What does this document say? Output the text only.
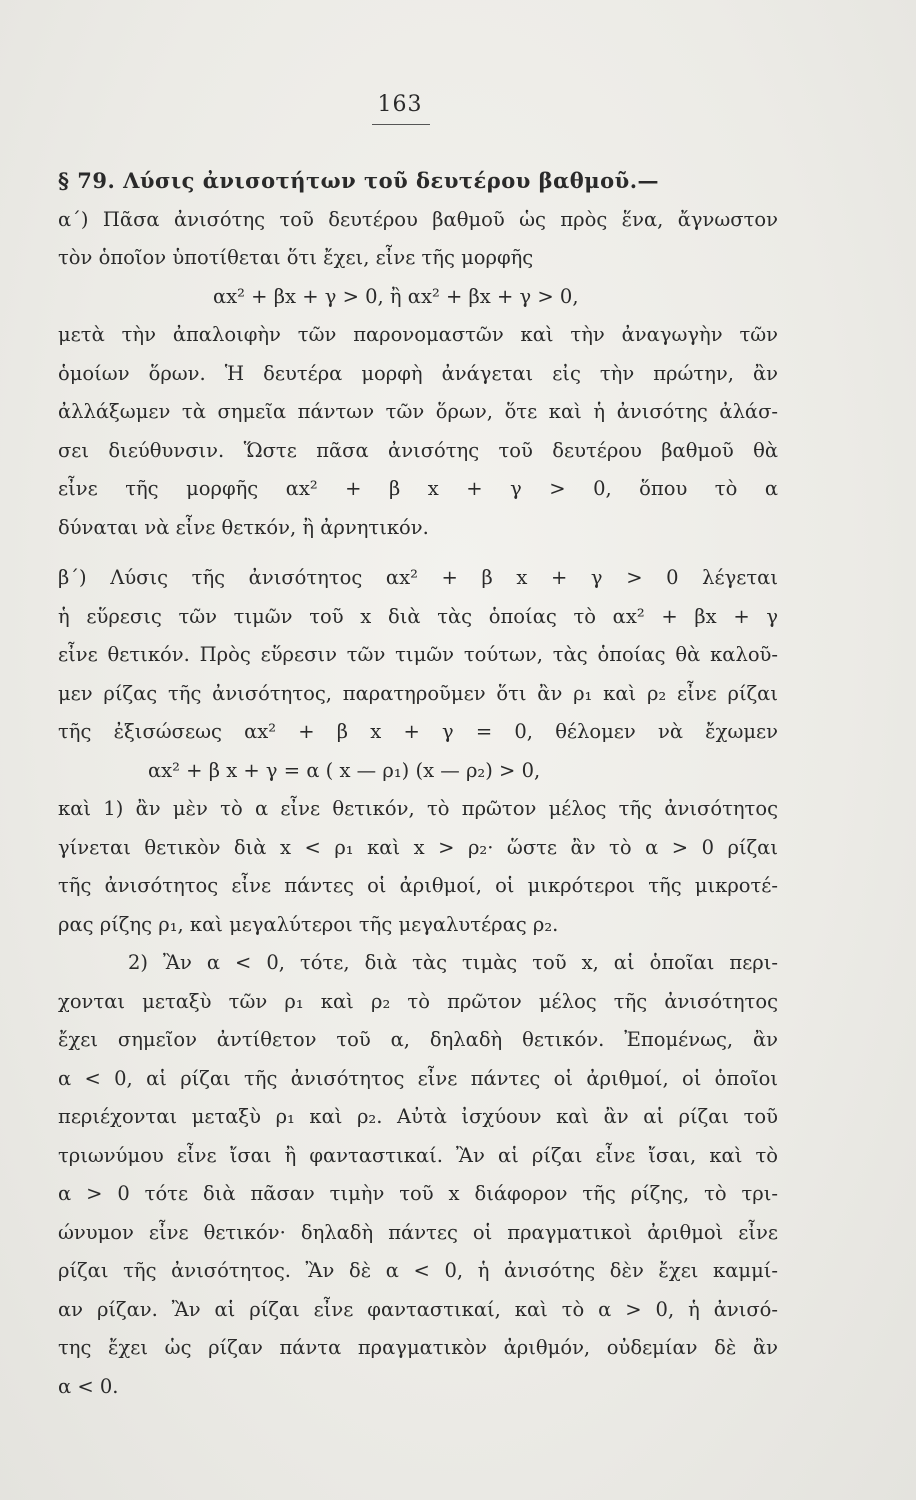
163
§ 79. Λύσις ἀνισοτήτων τοῦ δευτέρου βαθμοῦ.—
α΄) Πᾶσα ἀνισότης τοῦ δευτέρου βαθμοῦ ὡς πρὸς ἕνα, ἄγνωστον
τὸν ὁποῖον ὑποτίθεται ὅτι ἔχει, εἶνε τῆς μορφῆς
αx² + βx + γ > 0, ἢ αx² + βx + γ > 0,
μετὰ τὴν ἀπαλοιφὴν τῶν παρονομαστῶν καὶ τὴν ἀναγωγὴν τῶν
ὁμοίων ὅρων. Ἡ δευτέρα μορφὴ ἀνάγεται εἰς τὴν πρώτην, ἂν
ἀλλάξωμεν τὰ σημεῖα πάντων τῶν ὅρων, ὅτε καὶ ἡ ἀνισότης ἀλάσ-
σει διεύθυνσιν. Ὥστε πᾶσα ἀνισότης τοῦ δευτέρου βαθμοῦ θὰ
εἶνε τῆς μορφῆς αx² + β x + γ > 0, ὅπου τὸ α
δύναται νὰ εἶνε θετκόν, ἢ ἀρνητικόν.
β΄) Λύσις τῆς ἀνισότητος αx² + β x + γ > 0 λέγεται
ἡ εὕρεσις τῶν τιμῶν τοῦ x διὰ τὰς ὁποίας τὸ αx² + βx + γ
εἶνε θετικόν. Πρὸς εὕρεσιν τῶν τιμῶν τούτων, τὰς ὁποίας θὰ καλοῦ-
μεν ρίζας τῆς ἀνισότητος, παρατηροῦμεν ὅτι ἂν ρ₁ καὶ ρ₂ εἶνε ρίζαι
τῆς ἐξισώσεως αx² + β x + γ = 0, θέλομεν νὰ ἔχωμεν
αx² + β x + γ = α ( x — ρ₁) (x — ρ₂) > 0,
καὶ 1) ἂν μὲν τὸ α εἶνε θετικόν, τὸ πρῶτον μέλος τῆς ἀνισότητος
γίνεται θετικὸν διὰ x < ρ₁ καὶ x > ρ₂· ὥστε ἂν τὸ α > 0 ρίζαι
τῆς ἀνισότητος εἶνε πάντες οἱ ἀριθμοί, οἱ μικρότεροι τῆς μικροτέ-
ρας ρίζης ρ₁, καὶ μεγαλύτεροι τῆς μεγαλυτέρας ρ₂.
2) Ἂν α < 0, τότε, διὰ τὰς τιμὰς τοῦ x, αἱ ὁποῖαι περι-
χονται μεταξὺ τῶν ρ₁ καὶ ρ₂ τὸ πρῶτον μέλος τῆς ἀνισότητος
ἔχει σημεῖον ἀντίθετον τοῦ α, δηλαδὴ θετικόν. Ἐπομένως, ἂν
α < 0, αἱ ρίζαι τῆς ἀνισότητος εἶνε πάντες οἱ ἀριθμοί, οἱ ὁποῖοι
περιέχονται μεταξὺ ρ₁ καὶ ρ₂. Αὐτὰ ἰσχύουν καὶ ἂν αἱ ρίζαι τοῦ
τριωνύμου εἶνε ἴσαι ἢ φανταστικαί. Ἂν αἱ ρίζαι εἶνε ἴσαι, καὶ τὸ
α > 0 τότε διὰ πᾶσαν τιμὴν τοῦ x διάφορον τῆς ρίζης, τὸ τρι-
ώνυμον εἶνε θετικόν· δηλαδὴ πάντες οἱ πραγματικοὶ ἀριθμοὶ εἶνε
ρίζαι τῆς ἀνισότητος. Ἂν δὲ α < 0, ἡ ἀνισότης δὲν ἔχει καμμί-
αν ρίζαν. Ἂν αἱ ρίζαι εἶνε φανταστικαί, καὶ τὸ α > 0, ἡ ἀνισό-
της ἔχει ὡς ρίζαν πάντα πραγματικὸν ἀριθμόν, οὐδεμίαν δὲ ἂν
α < 0.
